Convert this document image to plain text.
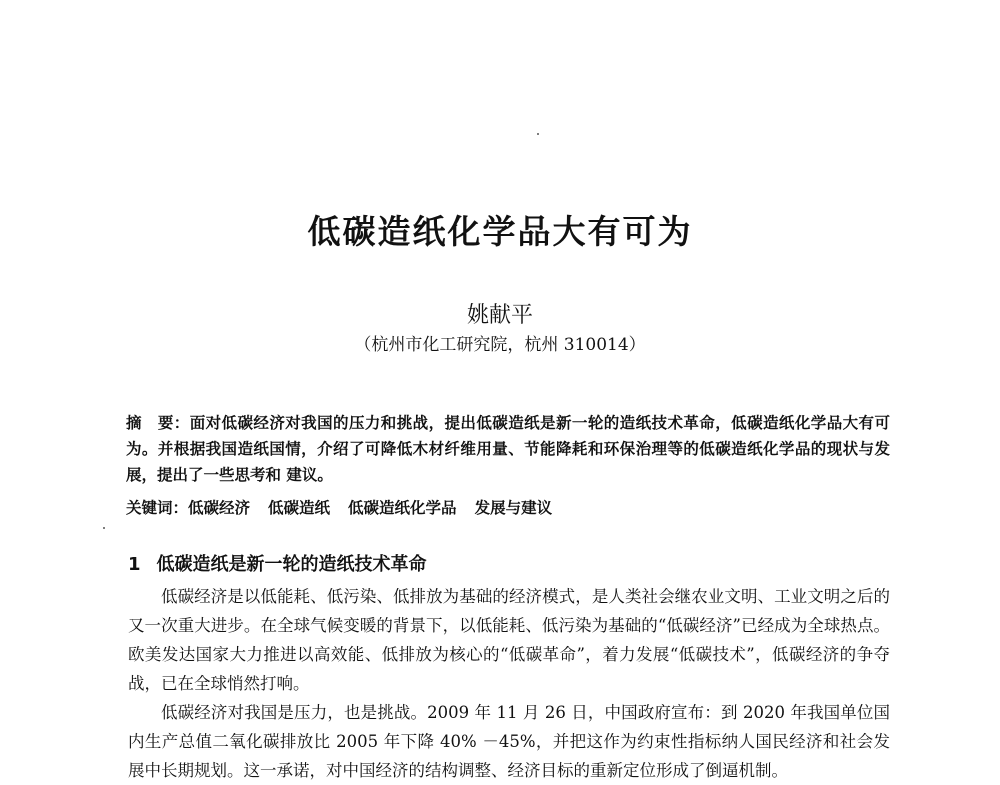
低碳造纸化学品大有可为
姚献平
（杭州市化工研究院，杭州 310014）
摘　要：面对低碳经济对我国的压力和挑战，提出低碳造纸是新一轮的造纸技术革命，低碳造纸化学品大有可为。并根据我国造纸国情，介绍了可降低木材纤维用量、节能降耗和环保治理等的低碳造纸化学品的现状与发展，提出了一些思考和 建议。
关键词：低碳经济 低碳造纸 低碳造纸化学品 发展与建议
1 低碳造纸是新一轮的造纸技术革命

低碳经济是以低能耗、低污染、低排放为基础的经济模式，是人类社会继农业文明、工业文明之后的又一次重大进步。在全球气候变暖的背景下，以低能耗、低污染为基础的“低碳经济”已经成为全球热点。欧美发达国家大力推进以高效能、低排放为核心的“低碳革命”，着力发展“低碳技术”，低碳经济的争夺战，已在全球悄然打响。

低碳经济对我国是压力，也是挑战。2009 年 11 月 26 日，中国政府宣布：到 2020 年我国单位国内生产总值二氧化碳排放比 2005 年下降 40% －45%，并把这作为约束性指标纳人国民经济和社会发展中长期规划。这一承诺，对中国经济的结构调整、经济目标的重新定位形成了倒逼机制。
